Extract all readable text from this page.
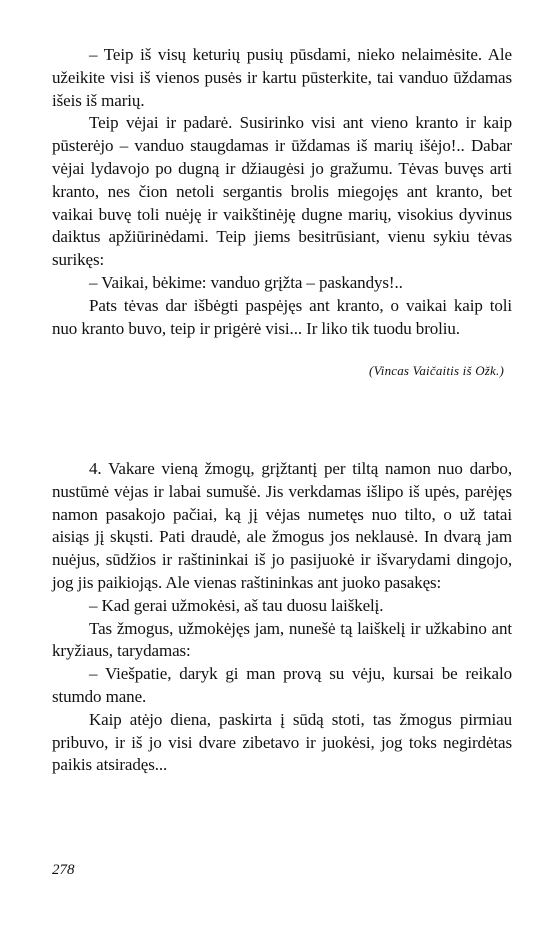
– Teip iš visų keturių pusių pūsdami, nieko nelaimėsite. Ale užeikite visi iš vienos pusės ir kartu pūsterkite, tai vanduo ūždamas išeis iš marių.

Teip vėjai ir padarė. Susirinko visi ant vieno kranto ir kaip pūsterėjo – vanduo staugdamas ir ūždamas iš marių išėjo!.. Dabar vėjai lydavojo po dugną ir džiaugėsi jo gražumu. Tėvas buvęs arti kranto, nes čion netoli sergantis brolis miegojęs ant kranto, bet vaikai buvę toli nuėję ir vaikštinėję dugne marių, visokius dyvinus daiktus apžiūrinėdami. Teip jiems besitrūsiant, vienu sykiu tėvas surikęs:

– Vaikai, bėkime: vanduo grįžta – paskandys!..

Pats tėvas dar išbėgti paspėjęs ant kranto, o vaikai kaip toli nuo kranto buvo, teip ir prigėrė visi... Ir liko tik tuodu broliu.

(Vincas Vaičaitis iš Ožk.)

4. Vakare vieną žmogų, grįžtantį per tiltą namon nuo darbo, nustūmė vėjas ir labai sumušė. Jis verkdamas išlipo iš upės, parėjęs namon pasakojo pačiai, ką jį vėjas numetęs nuo tilto, o už tatai aisiąs jį skųsti. Pati draudė, ale žmogus jos neklausė. In dvarą jam nuėjus, sūdžios ir raštininkai iš jo pasijuokė ir išvarydami dingojo, jog jis paikiojąs. Ale vienas raštininkas ant juoko pasakęs:

– Kad gerai užmokėsi, aš tau duosu laiškelį.

Tas žmogus, užmokėjęs jam, nunešė tą laiškelį ir užkabino ant kryžiaus, tarydamas:

– Viešpatie, daryk gi man provą su vėju, kursai be reikalo stumdo mane.

Kaip atėjo diena, paskirta į sūdą stoti, tas žmogus pirmiau pribuvo, ir iš jo visi dvare zibetavo ir juokėsi, jog toks negirdėtas paikis atsiradęs...

278
